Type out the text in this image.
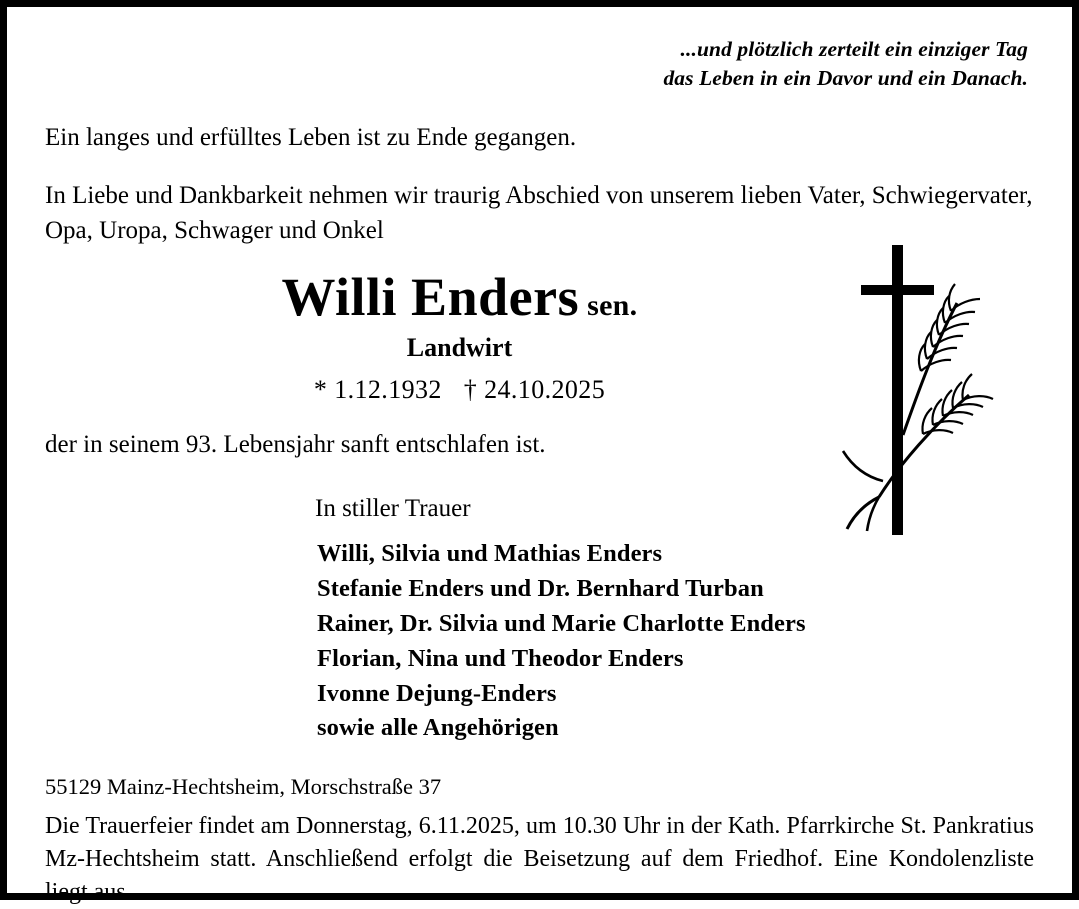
...und plötzlich zerteilt ein einziger Tag
das Leben in ein Davor und ein Danach.
Ein langes und erfülltes Leben ist zu Ende gegangen.
In Liebe und Dankbarkeit nehmen wir traurig Abschied von unserem lieben Vater, Schwiegervater, Opa, Uropa, Schwager und Onkel
Willi Enders sen.
Landwirt
* 1.12.1932 † 24.10.2025
der in seinem 93. Lebensjahr sanft entschlafen ist.
In stiller Trauer
Willi, Silvia und Mathias Enders
Stefanie Enders und Dr. Bernhard Turban
Rainer, Dr. Silvia und Marie Charlotte Enders
Florian, Nina und Theodor Enders
Ivonne Dejung-Enders
sowie alle Angehörigen
55129 Mainz-Hechtsheim, Morschstraße 37
Die Trauerfeier findet am Donnerstag, 6.11.2025, um 10.30 Uhr in der Kath. Pfarrkirche St. Pankratius Mz-Hechtsheim statt. Anschließend erfolgt die Beisetzung auf dem Friedhof. Eine Kondolenzliste liegt aus.
